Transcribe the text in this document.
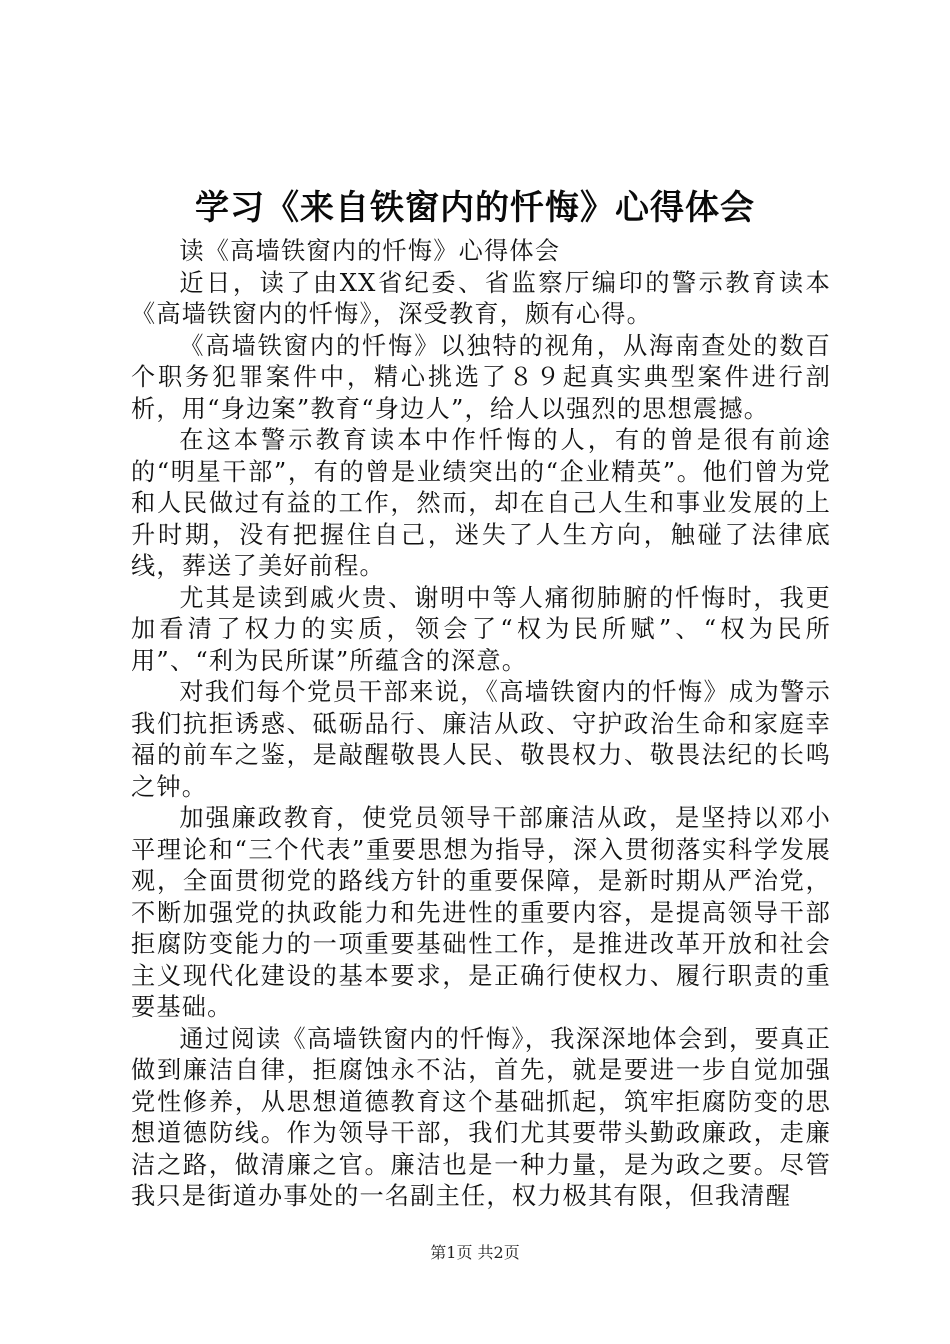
学习《来自铁窗内的忏悔》心得体会

读《高墙铁窗内的忏悔》心得体会

近日，读了由XX省纪委、省监察厅编印的警示教育读本《高墙铁窗内的忏悔》，深受教育，颇有心得。

《高墙铁窗内的忏悔》以独特的视角，从海南查处的数百个职务犯罪案件中，精心挑选了８９起真实典型案件进行剖析，用“身边案”教育“身边人”，给人以强烈的思想震撼。

在这本警示教育读本中作忏悔的人，有的曾是很有前途的“明星干部”，有的曾是业绩突出的“企业精英”。他们曾为党和人民做过有益的工作，然而，却在自己人生和事业发展的上升时期，没有把握住自己，迷失了人生方向，触碰了法律底线，葬送了美好前程。

尤其是读到戚火贵、谢明中等人痛彻肺腑的忏悔时，我更加看清了权力的实质，领会了“权为民所赋”、“权为民所用”、“利为民所谋”所蕴含的深意。

对我们每个党员干部来说，《高墙铁窗内的忏悔》成为警示我们抗拒诱惑、砥砺品行、廉洁从政、守护政治生命和家庭幸福的前车之鉴，是敲醒敬畏人民、敬畏权力、敬畏法纪的长鸣之钟。

加强廉政教育，使党员领导干部廉洁从政，是坚持以邓小平理论和“三个代表”重要思想为指导，深入贯彻落实科学发展观，全面贯彻党的路线方针的重要保障，是新时期从严治党，不断加强党的执政能力和先进性的重要内容，是提高领导干部拒腐防变能力的一项重要基础性工作，是推进改革开放和社会主义现代化建设的基本要求，是正确行使权力、履行职责的重要基础。

通过阅读《高墙铁窗内的忏悔》，我深深地体会到，要真正做到廉洁自律，拒腐蚀永不沾，首先，就是要进一步自觉加强党性修养，从思想道德教育这个基础抓起，筑牢拒腐防变的思想道德防线。作为领导干部，我们尤其要带头勤政廉政，走廉洁之路，做清廉之官。廉洁也是一种力量，是为政之要。尽管我只是街道办事处的一名副主任，权力极其有限，但我清醒

第1页 共2页
